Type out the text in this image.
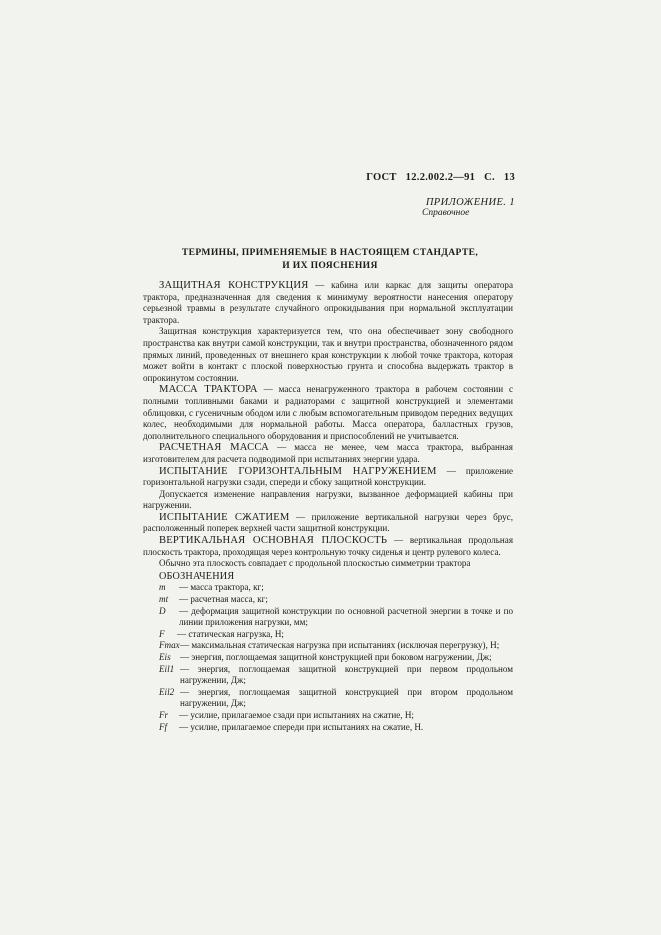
ГОСТ 12.2.002.2—91 С. 13
ПРИЛОЖЕНИЕ. 1
Справочное
ТЕРМИНЫ, ПРИМЕНЯЕМЫЕ В НАСТОЯЩЕМ СТАНДАРТЕ,
И ИХ ПОЯСНЕНИЯ

ЗАЩИТНАЯ КОНСТРУКЦИЯ — кабина или каркас для защиты оператора трактора, предназначенная для сведения к минимуму вероятности нанесения оператору серьезной травмы в результате случайного опрокидывания при нормальной эксплуатации трактора.

Защитная конструкция характеризуется тем, что она обеспечивает зону свободного пространства как внутри самой конструкции, так и внутри пространства, обозначенного рядом прямых линий, проведенных от внешнего края конструкции к любой точке трактора, которая может войти в контакт с плоской поверхностью грунта и способна выдержать трактор в опрокинутом состоянии.

МАССА ТРАКТОРА — масса ненагруженного трактора в рабочем состоянии с полными топливными баками и радиаторами с защитной конструкцией и элементами облицовки, с гусеничным ободом или с любым вспомогательным приводом передних ведущих колес, необходимыми для нормальной работы. Масса оператора, балластных грузов, дополнительного специального оборудования и приспособлений не учитывается.

РАСЧЕТНАЯ МАССА — масса не менее, чем масса трактора, выбранная изготовителем для расчета подводимой при испытаниях энергии удара.

ИСПЫТАНИЕ ГОРИЗОНТАЛЬНЫМ НАГРУЖЕНИЕМ — приложение горизонтальной нагрузки сзади, спереди и сбоку защитной конструкции.

Допускается изменение направления нагрузки, вызванное деформацией кабины при нагружении.

ИСПЫТАНИЕ СЖАТИЕМ — приложение вертикальной нагрузки через брус, расположенный поперек верхней части защитной конструкции.

ВЕРТИКАЛЬНАЯ ОСНОВНАЯ ПЛОСКОСТЬ — вертикальная продольная плоскость трактора, проходящая через контрольную точку сиденья и центр рулевого колеса.

Обычно эта плоскость совпадает с продольной плоскостью симметрии трактора

ОБОЗНАЧЕНИЯ
m	— масса трактора, кг;
mt	— расчетная масса, кг;
D	— деформация защитной конструкции по основной расчетной энергии в точке и по линии приложения нагрузки, мм;
F	— статическая нагрузка, Н;
Fmax — максимальная статическая нагрузка при испытаниях (исключая перегрузку), Н;
Eis	— энергия, поглощаемая защитной конструкцией при боковом нагружении, Дж;
Eil1 — энергия, поглощаемая защитной конструкцией при первом продольном нагружении, Дж;
Eil2 — энергия, поглощаемая защитной конструкцией при втором продольном нагружении, Дж;
Fr	— усилие, прилагаемое сзади при испытаниях на сжатие, Н;
Ff	— усилие, прилагаемое спереди при испытаниях на сжатие, Н.
